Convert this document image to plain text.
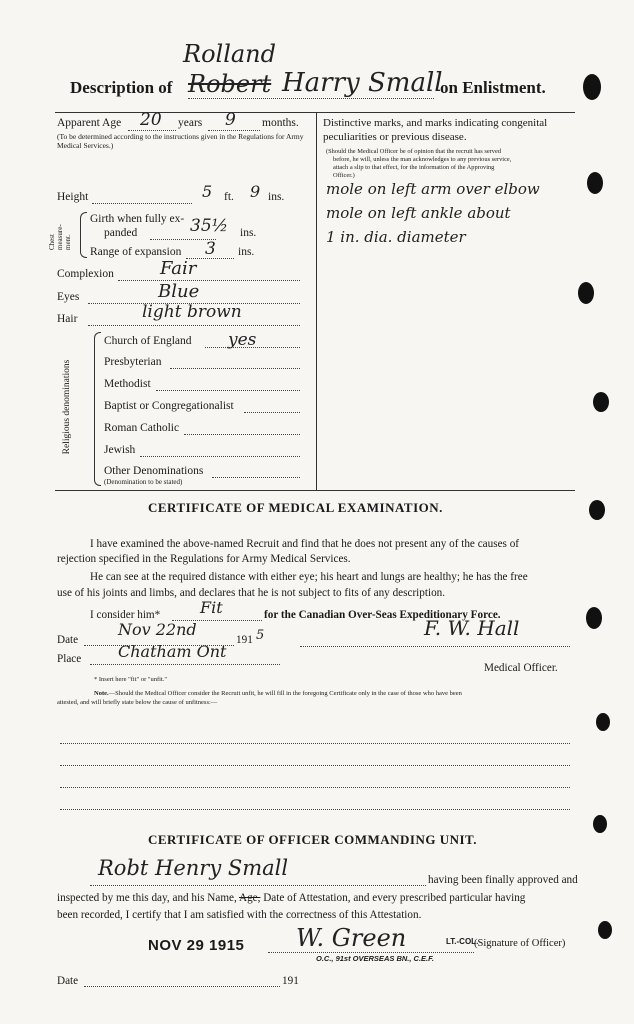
Rolland
Description of Robert Harry Small
on Enlistment.
Apparent Age 20 years 9 months.
(To be determined according to the instructions given in the Regulations for Army Medical Services.)
Height	5 ft. 9 ins.
Chest measure-ment.
Girth when fully ex-
panded	35½ ins.
Range of expansion 3 ins.
Complexion	Fair
Eyes	Blue
Hair	light brown
Religious denominations
Church of England yes
Presbyterian
Methodist
Baptist or Congregationalist
Roman Catholic
Jewish
Other Denominations
(Denomination to be stated)
Distinctive marks, and marks indicating congenital
peculiarities or previous disease.
(Should the Medical Officer be of opinion that the recruit has served
before, he will, unless the man acknowledges to any previous service,
attach a slip to that effect, for the information of the Approving
Officer.)
mole on left arm over elbow
mole on left ankle about
1 in. dia. diameter
CERTIFICATE OF MEDICAL EXAMINATION.
I have examined the above-named Recruit and find that he does not present any of the causes of
rejection specified in the Regulations for Army Medical Services.
He can see at the required distance with either eye; his heart and lungs are healthy; he has the free
use of his joints and limbs, and declares that he is not subject to fits of any description.
I consider him* Fit	for the Canadian Over-Seas Expeditionary Force.
Date
Nov 22nd
191 5	F. W. Hall
Place Chatham Ont
Medical Officer.
* Insert here "fit" or "unfit."
Note.—Should the Medical Officer consider the Recruit unfit, he will fill in the foregoing Certificate only in the case of those who have been
attested, and will briefly state below the cause of unfitness:—
CERTIFICATE OF OFFICER COMMANDING UNIT.
Robt Henry Small	having been finally approved and
inspected by me this day, and his Name, Age, Date of Attestation, and every prescribed particular having
been recorded, I certify that I am satisfied with the correctness of this Attestation.
NOV 29 1915 W. Green	LT.-COL.
(Signature of Officer)
O.C., 91st OVERSEAS BN., C.E.F.
Date	191
